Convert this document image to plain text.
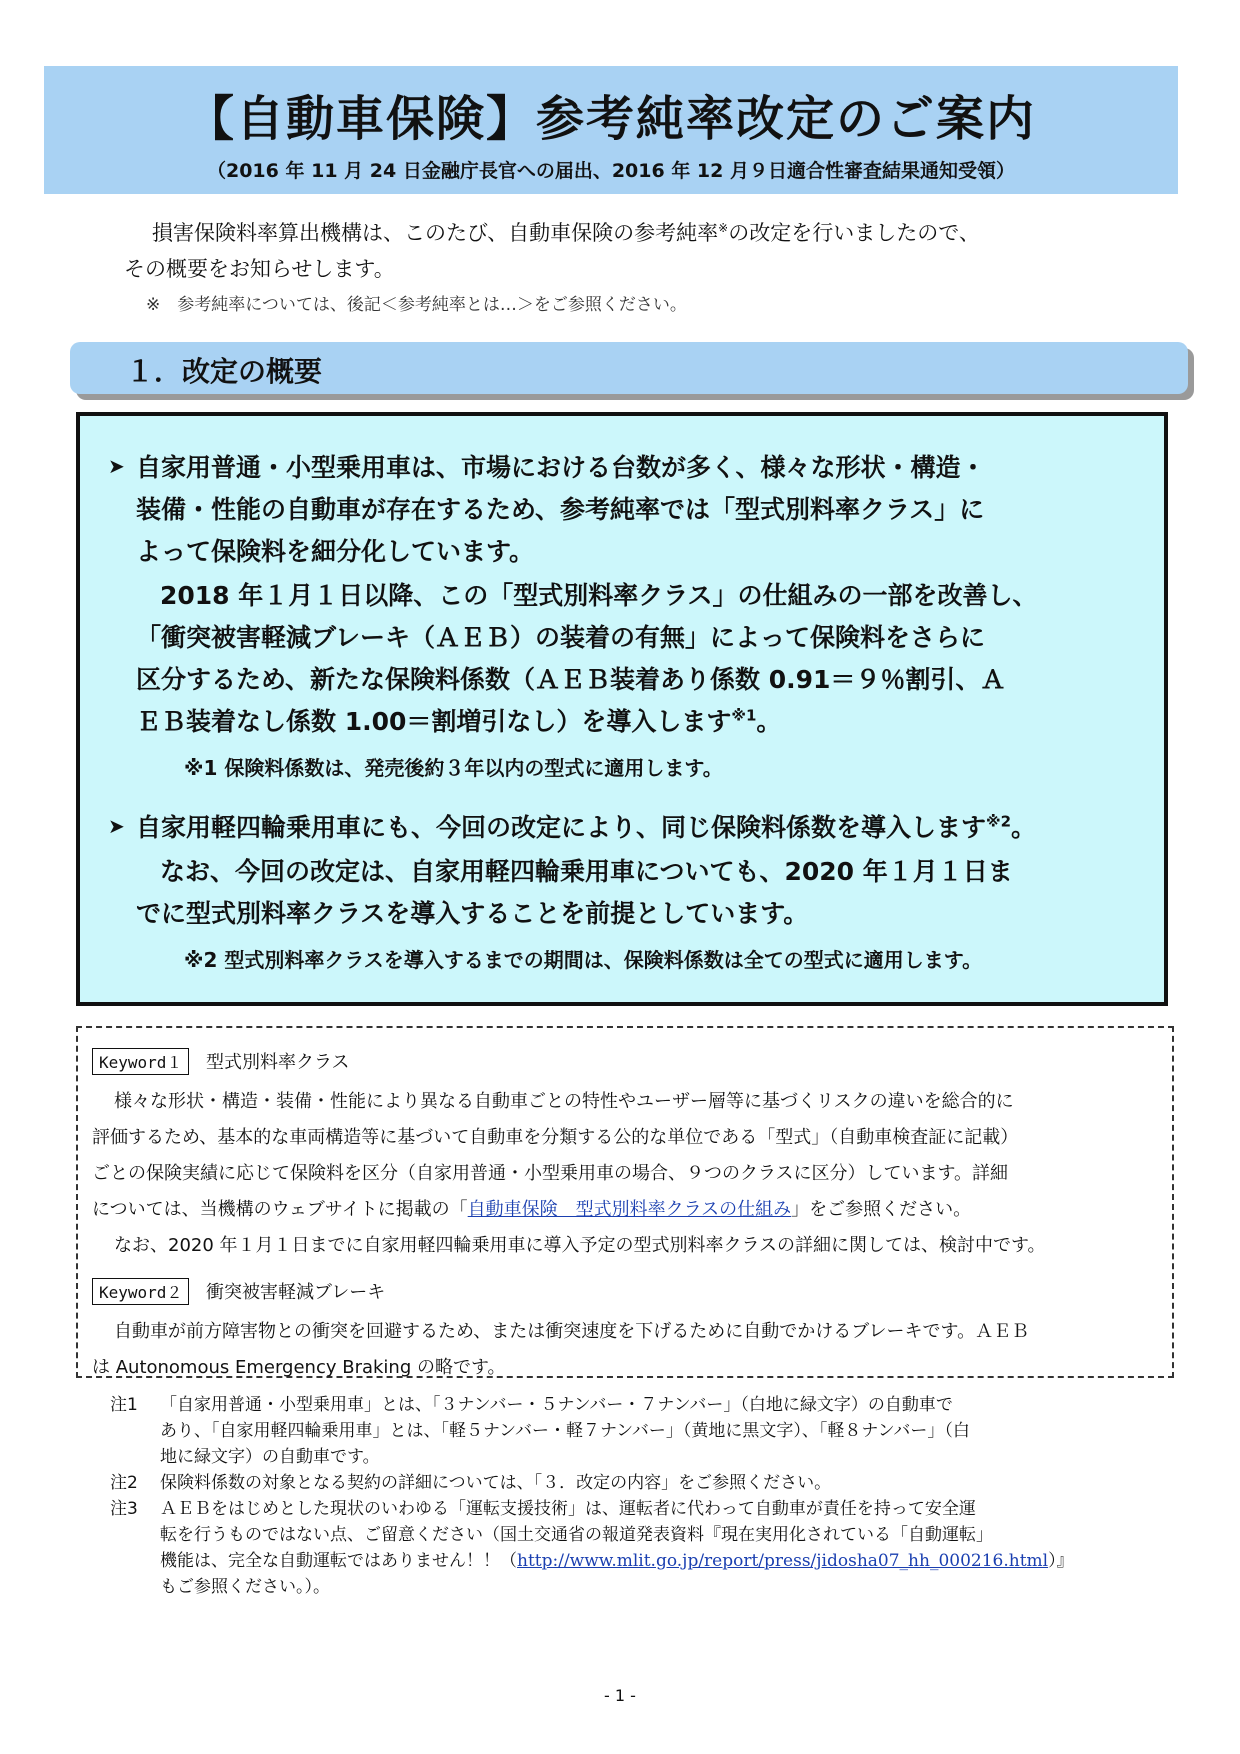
【自動車保険】参考純率改定のご案内
（2016 年 11 月 24 日金融庁長官への届出、2016 年 12 月９日適合性審査結果通知受領）
損害保険料率算出機構は、このたび、自動車保険の参考純率※の改定を行いましたので、
その概要をお知らせします。
※　参考純率については、後記＜参考純率とは…＞をご参照ください。
１．改定の概要
➤ 自家用普通・小型乗用車は、市場における台数が多く、様々な形状・構造・
装備・性能の自動車が存在するため、参考純率では「型式別料率クラス」に
よって保険料を細分化しています。
2018 年１月１日以降、この「型式別料率クラス」の仕組みの一部を改善し、
「衝突被害軽減ブレーキ（ＡＥＢ）の装着の有無」によって保険料をさらに
区分するため、新たな保険料係数（ＡＥＢ装着あり係数 0.91＝９％割引、Ａ
ＥＢ装着なし係数 1.00＝割増引なし）を導入します$^{※1}$。
※1 保険料係数は、発売後約３年以内の型式に適用します。
➤ 自家用軽四輪乗用車にも、今回の改定により、同じ保険料係数を導入します$^{※2}$。
なお、今回の改定は、自家用軽四輪乗用車についても、2020 年１月１日ま
でに型式別料率クラスを導入することを前提としています。
※2 型式別料率クラスを導入するまでの期間は、保険料係数は全ての型式に適用します。
Keyword１	型式別料率クラス
様々な形状・構造・装備・性能により異なる自動車ごとの特性やユーザー層等に基づくリスクの違いを総合的に
評価するため、基本的な車両構造等に基づいて自動車を分類する公的な単位である「型式」（自動車検査証に記載）
ごとの保険実績に応じて保険料を区分（自家用普通・小型乗用車の場合、９つのクラスに区分）しています。詳細
については、当機構のウェブサイトに掲載の「自動車保険　型式別料率クラスの仕組み」をご参照ください。
なお、2020 年１月１日までに自家用軽四輪乗用車に導入予定の型式別料率クラスの詳細に関しては、検討中です。
Keyword２	衝突被害軽減ブレーキ
自動車が前方障害物との衝突を回避するため、または衝突速度を下げるために自動でかけるブレーキです。ＡＥＢ
は Autonomous Emergency Braking の略です。
注1 「自家用普通・小型乗用車」とは、「３ナンバー・５ナンバー・７ナンバー」（白地に緑文字）の自動車で
あり、「自家用軽四輪乗用車」とは、「軽５ナンバー・軽７ナンバー」（黄地に黒文字）、「軽８ナンバー」（白
地に緑文字）の自動車です。
注2 保険料係数の対象となる契約の詳細については、「３．改定の内容」をご参照ください。
注3 ＡＥＢをはじめとした現状のいわゆる「運転支援技術」は、運転者に代わって自動車が責任を持って安全運
転を行うものではない点、ご留意ください（国土交通省の報道発表資料『現在実用化されている「自動運転」
機能は、完全な自動運転ではありません！！（http://www.mlit.go.jp/report/press/jidosha07_hh_000216.html）』
もご参照ください。）。
- 1 -
